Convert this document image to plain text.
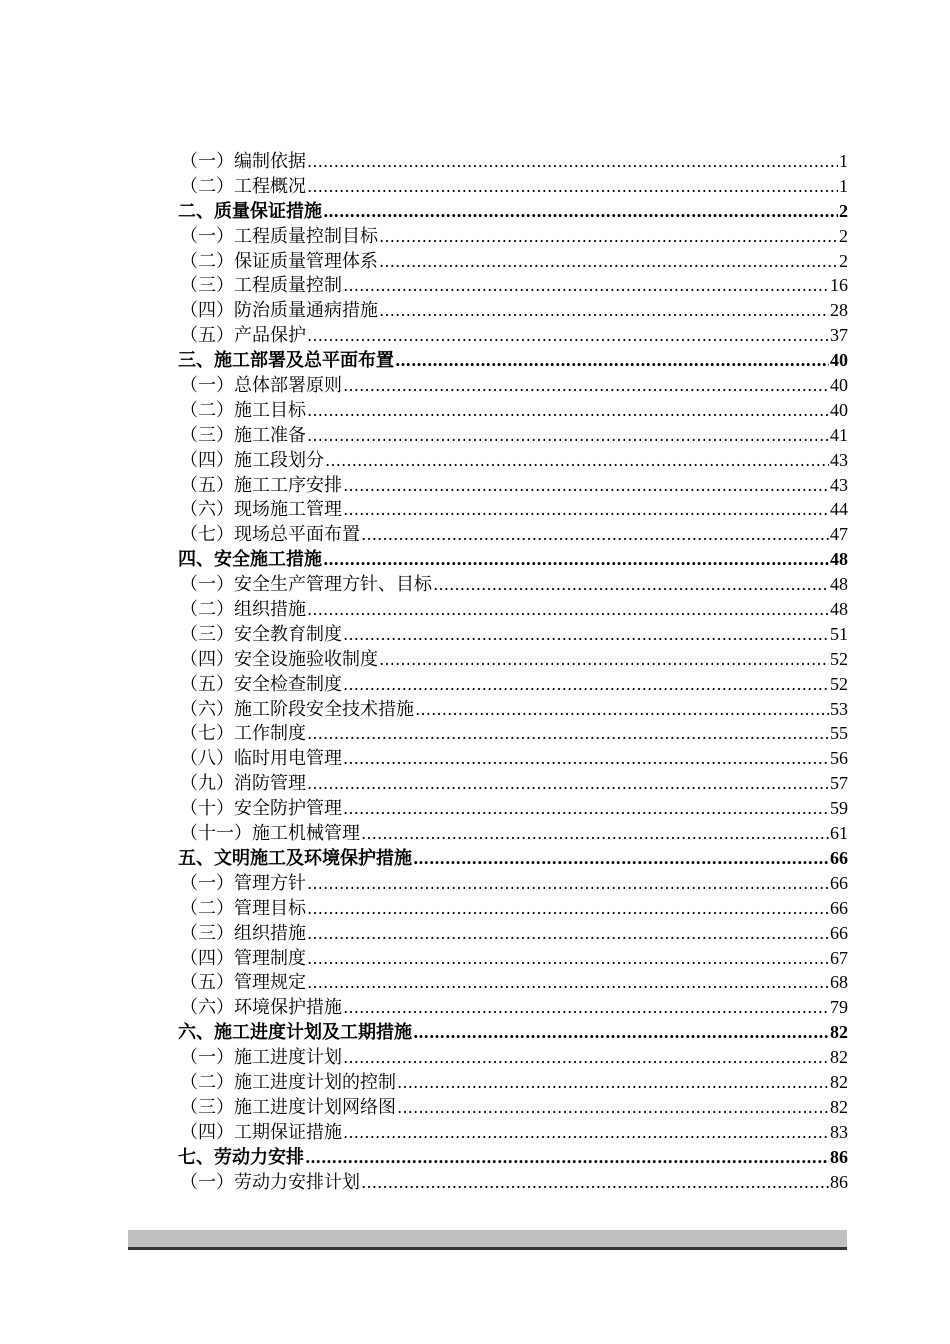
（一）编制依据 …………………………………………………………………………………………………………………………………………………………………………………………………………………	1
（二）工程概况 …………………………………………………………………………………………………………………………………………………………………………………………………………………	1
二、质量保证措施 …………………………………………………………………………………………………………………………………………………………………………………………………………………	2
（一）工程质量控制目标 …………………………………………………………………………………………………………………………………………………………………………………………………………………	2
（二）保证质量管理体系 …………………………………………………………………………………………………………………………………………………………………………………………………………………	2
（三）工程质量控制 …………………………………………………………………………………………………………………………………………………………………………………………………………………	16
（四）防治质量通病措施 …………………………………………………………………………………………………………………………………………………………………………………………………………………	28
（五）产品保护 …………………………………………………………………………………………………………………………………………………………………………………………………………………	37
三、施工部署及总平面布置 …………………………………………………………………………………………………………………………………………………………………………………………………………………	40
（一）总体部署原则 …………………………………………………………………………………………………………………………………………………………………………………………………………………	40
（二）施工目标 …………………………………………………………………………………………………………………………………………………………………………………………………………………	40
（三）施工准备 …………………………………………………………………………………………………………………………………………………………………………………………………………………	41
（四）施工段划分 …………………………………………………………………………………………………………………………………………………………………………………………………………………	43
（五）施工工序安排 …………………………………………………………………………………………………………………………………………………………………………………………………………………	43
（六）现场施工管理 …………………………………………………………………………………………………………………………………………………………………………………………………………………	44
（七）现场总平面布置 …………………………………………………………………………………………………………………………………………………………………………………………………………………	47
四、安全施工措施 …………………………………………………………………………………………………………………………………………………………………………………………………………………	48
（一）安全生产管理方针、目标 …………………………………………………………………………………………………………………………………………………………………………………………………………………	48
（二）组织措施 …………………………………………………………………………………………………………………………………………………………………………………………………………………	48
（三）安全教育制度 …………………………………………………………………………………………………………………………………………………………………………………………………………………	51
（四）安全设施验收制度 …………………………………………………………………………………………………………………………………………………………………………………………………………………	52
（五）安全检查制度 …………………………………………………………………………………………………………………………………………………………………………………………………………………	52
（六）施工阶段安全技术措施 …………………………………………………………………………………………………………………………………………………………………………………………………………………	53
（七）工作制度 …………………………………………………………………………………………………………………………………………………………………………………………………………………	55
（八）临时用电管理 …………………………………………………………………………………………………………………………………………………………………………………………………………………	56
（九）消防管理 …………………………………………………………………………………………………………………………………………………………………………………………………………………	57
（十）安全防护管理 …………………………………………………………………………………………………………………………………………………………………………………………………………………	59
（十一）施工机械管理 …………………………………………………………………………………………………………………………………………………………………………………………………………………	61
五、文明施工及环境保护措施 …………………………………………………………………………………………………………………………………………………………………………………………………………………	66
（一）管理方针 …………………………………………………………………………………………………………………………………………………………………………………………………………………	66
（二）管理目标 …………………………………………………………………………………………………………………………………………………………………………………………………………………	66
（三）组织措施 …………………………………………………………………………………………………………………………………………………………………………………………………………………	66
（四）管理制度 …………………………………………………………………………………………………………………………………………………………………………………………………………………	67
（五）管理规定 …………………………………………………………………………………………………………………………………………………………………………………………………………………	68
（六）环境保护措施 …………………………………………………………………………………………………………………………………………………………………………………………………………………	79
六、施工进度计划及工期措施 …………………………………………………………………………………………………………………………………………………………………………………………………………………	82
（一）施工进度计划 …………………………………………………………………………………………………………………………………………………………………………………………………………………	82
（二）施工进度计划的控制 …………………………………………………………………………………………………………………………………………………………………………………………………………………	82
（三）施工进度计划网络图 …………………………………………………………………………………………………………………………………………………………………………………………………………………	82
（四）工期保证措施 …………………………………………………………………………………………………………………………………………………………………………………………………………………	83
七、劳动力安排 …………………………………………………………………………………………………………………………………………………………………………………………………………………	86
（一）劳动力安排计划 …………………………………………………………………………………………………………………………………………………………………………………………………………………	86
